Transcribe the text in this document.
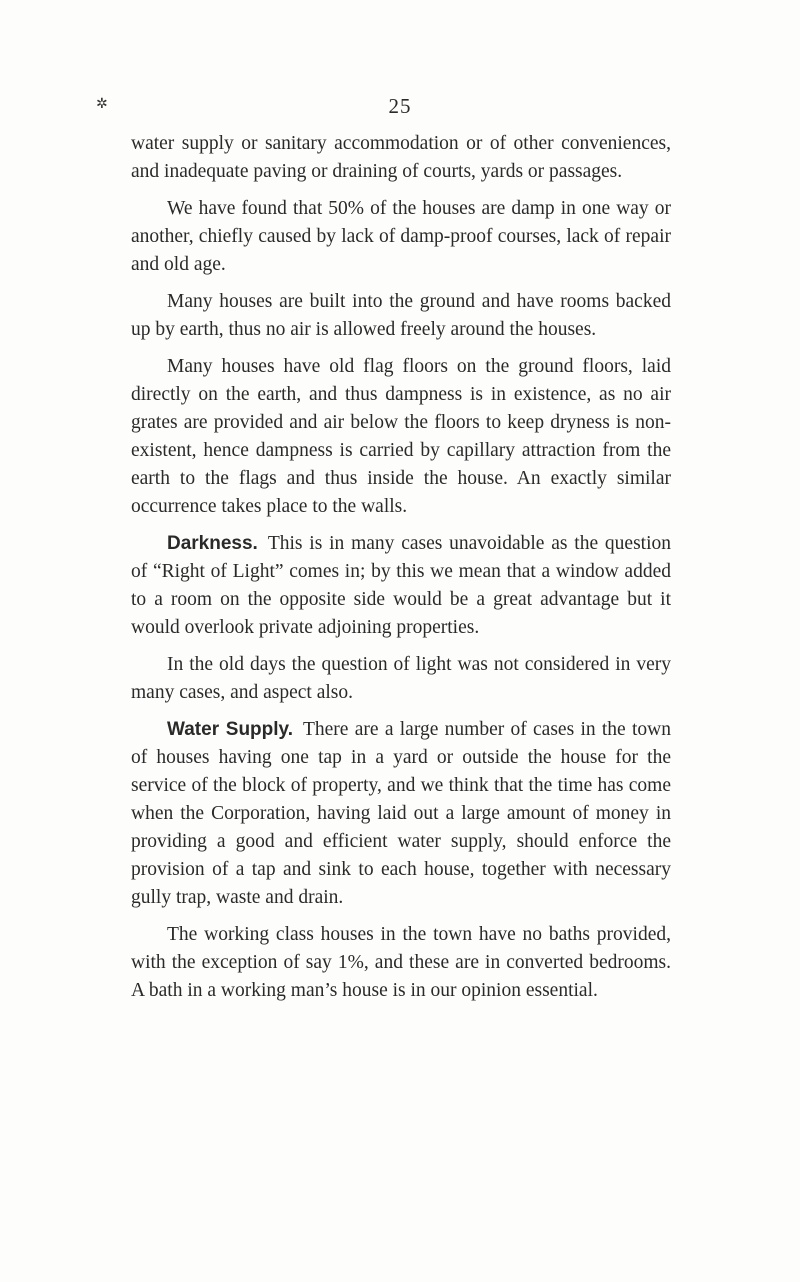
✲	25

water supply or sanitary accommodation or of other conveniences, and inadequate paving or draining of courts, yards or passages.

We have found that 50% of the houses are damp in one way or another, chiefly caused by lack of damp-proof courses, lack of repair and old age.

Many houses are built into the ground and have rooms backed up by earth, thus no air is allowed freely around the houses.

Many houses have old flag floors on the ground floors, laid directly on the earth, and thus dampness is in existence, as no air grates are provided and air below the floors to keep dryness is non-existent, hence dampness is carried by capillary attraction from the earth to the flags and thus inside the house. An exactly similar occurrence takes place to the walls.

Darkness. This is in many cases unavoidable as the question of “Right of Light” comes in; by this we mean that a window added to a room on the opposite side would be a great advantage but it would overlook private adjoining properties.

In the old days the question of light was not considered in very many cases, and aspect also.

Water Supply. There are a large number of cases in the town of houses having one tap in a yard or outside the house for the service of the block of property, and we think that the time has come when the Corporation, having laid out a large amount of money in providing a good and efficient water supply, should enforce the provision of a tap and sink to each house, together with necessary gully trap, waste and drain.

The working class houses in the town have no baths provided, with the exception of say 1%, and these are in converted bedrooms. A bath in a working man’s house is in our opinion essential.
